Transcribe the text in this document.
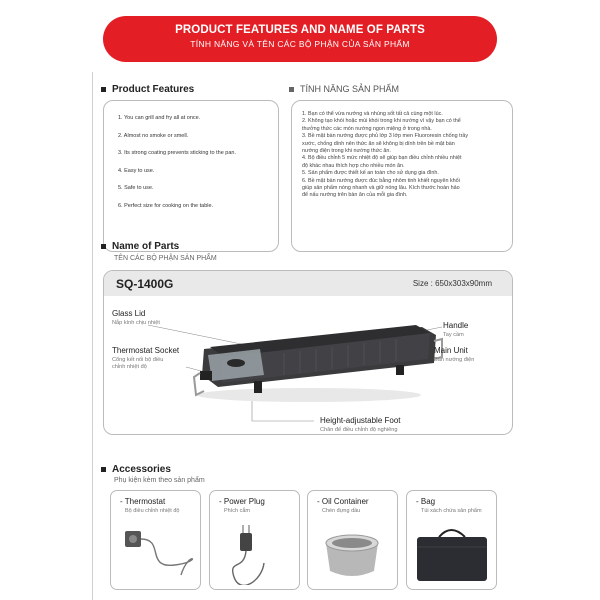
PRODUCT FEATURES AND NAME OF PARTS
TÍNH NĂNG VÀ TÊN CÁC BỘ PHẬN CỦA SẢN PHẨM
Product Features
1. You can grill and fry all at once.
2. Almost no smoke or smell.
3. Its strong coating prevents sticking to the pan.
4. Easy to use.
5. Safe to use.
6. Perfect size for cooking on the table.
TÍNH NĂNG SẢN PHẨM
1. Bạn có thể vừa nướng và nhúng sốt tất cả cùng một lúc.
2. Không tạo khói hoặc mùi khói trong khi nướng vì vậy bạn có thể
thưởng thức các món nướng ngon miệng ở trong nhà.
3. Bề mặt bàn nướng được phủ lớp 3 lớp men Fluororesin chống trầy
xước, chống dính nên thức ăn sẽ không bị dính trên bề mặt bàn
nướng điện trong khi nướng thức ăn.
4. Bộ điều chỉnh 5 mức nhiệt độ sẽ giúp bạn điều chỉnh nhiều nhiệt
độ khác nhau thích hợp cho nhiều món ăn.
5. Sản phẩm được thiết kế an toàn cho sử dụng gia đình.
6. Bề mặt bàn nướng được đúc bằng nhôm tinh khiết nguyên khối
giúp sản phẩm nóng nhanh và giữ nóng lâu. Kích thước hoàn hảo
để nấu nướng trên bàn ăn của mỗi gia đình.
Name of Parts
TÊN CÁC BỘ PHẬN SẢN PHẨM
SQ-1400G	Size : 650x303x90mm
Glass Lid
Nắp kính chịu nhiệt
Thermostat Socket
Cổng kết nối bộ điều
chỉnh nhiệt độ
Handle
Tay cầm
Main Unit
Bản nướng điện
Height-adjustable Foot
Chân đế điều chỉnh độ nghiêng
Accessories
Phụ kiện kèm theo sản phẩm
- Thermostat
Bộ điều chỉnh nhiệt độ
- Power Plug
Phích cắm
- Oil Container
Chén đựng dầu
- Bag
Túi xách chứa sản phẩm
